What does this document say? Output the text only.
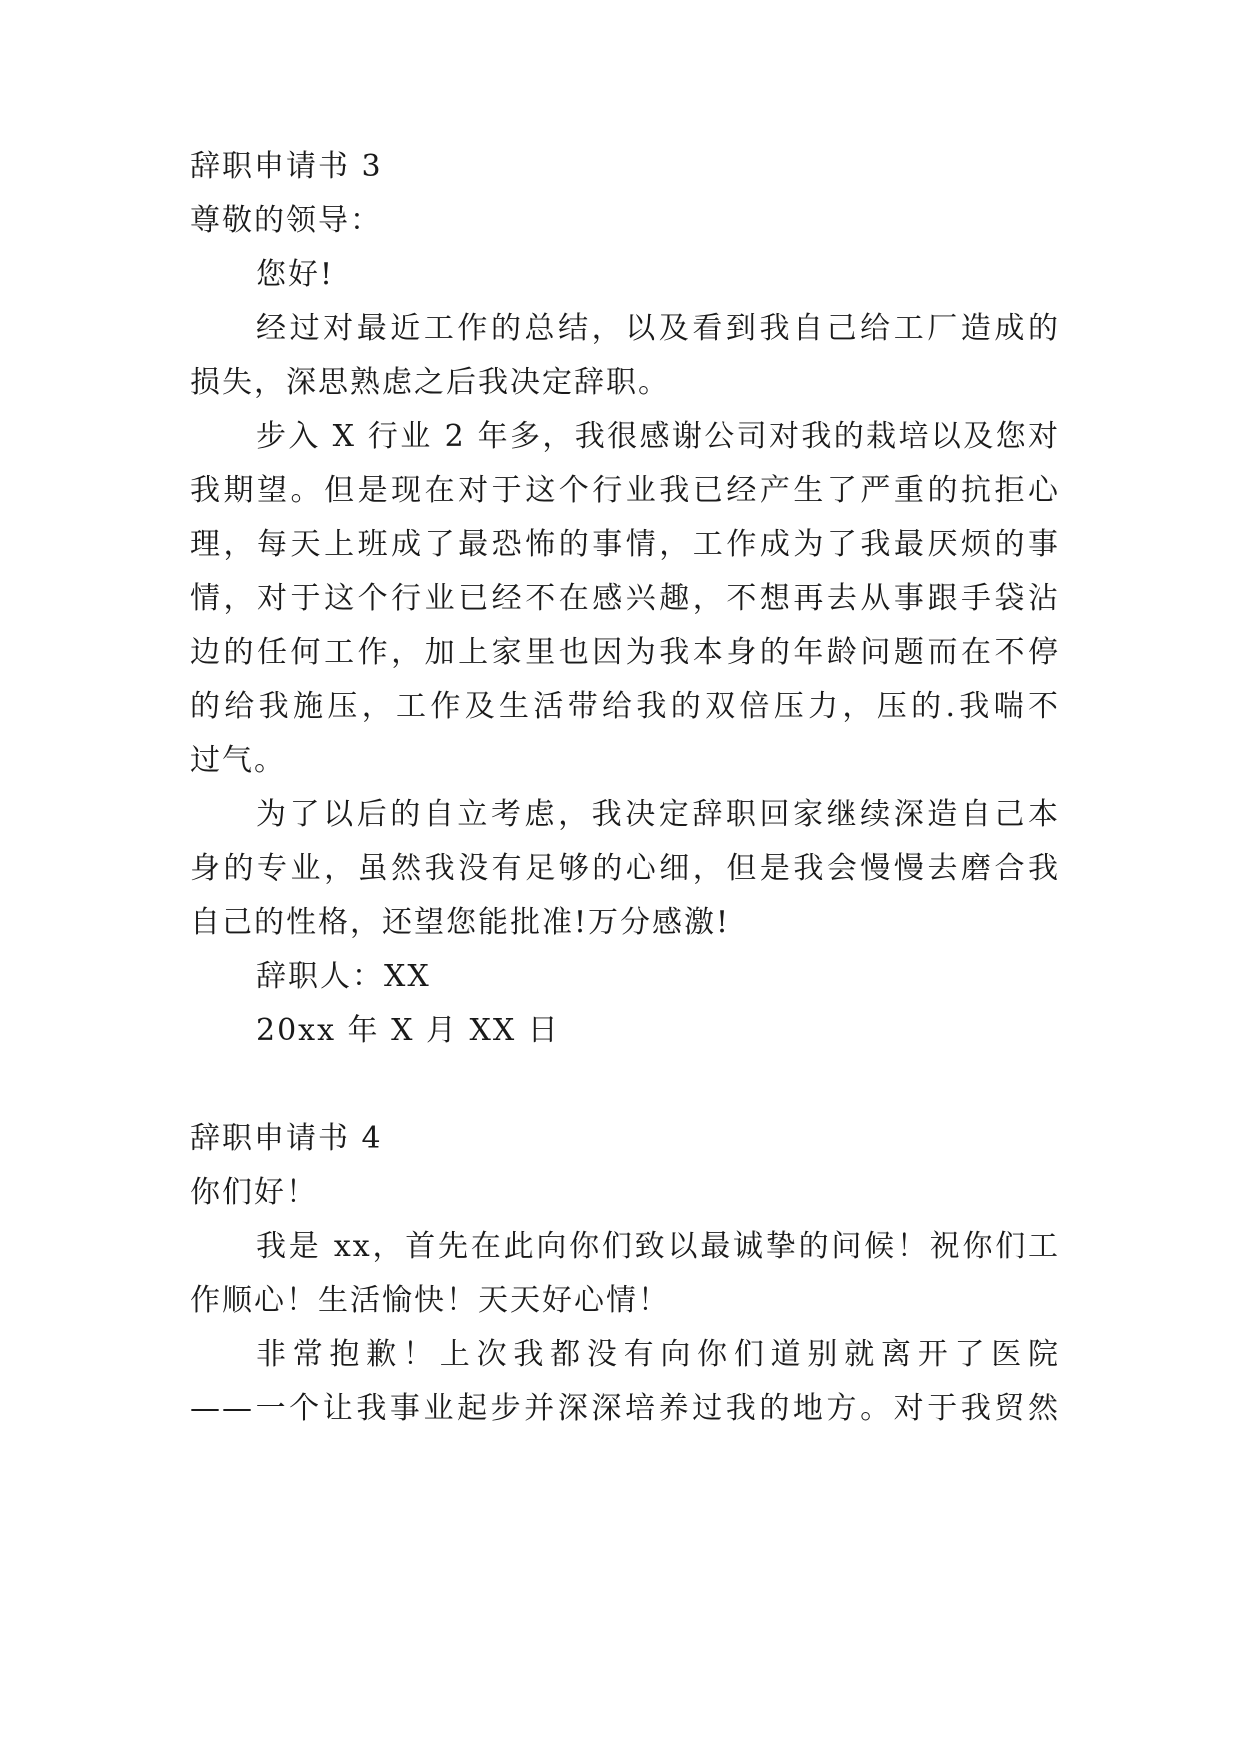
辞职申请书 3
尊敬的领导：
您好!
经过对最近工作的总结，以及看到我自己给工厂造成的
损失，深思熟虑之后我决定辞职。
步入 X 行业 2 年多，我很感谢公司对我的栽培以及您对
我期望。但是现在对于这个行业我已经产生了严重的抗拒心
理，每天上班成了最恐怖的事情，工作成为了我最厌烦的事
情，对于这个行业已经不在感兴趣，不想再去从事跟手袋沾
边的任何工作，加上家里也因为我本身的年龄问题而在不停
的给我施压，工作及生活带给我的双倍压力，压的.我喘不
过气。
为了以后的自立考虑，我决定辞职回家继续深造自己本
身的专业，虽然我没有足够的心细，但是我会慢慢去磨合我
自己的性格，还望您能批准!万分感激!
辞职人：XX
20xx 年 X 月 XX 日
辞职申请书 4
你们好！
我是 xx，首先在此向你们致以最诚挚的问候！祝你们工
作顺心！生活愉快！天天好心情！
非常抱歉！上次我都没有向你们道别就离开了医院
——一个让我事业起步并深深培养过我的地方。对于我贸然
